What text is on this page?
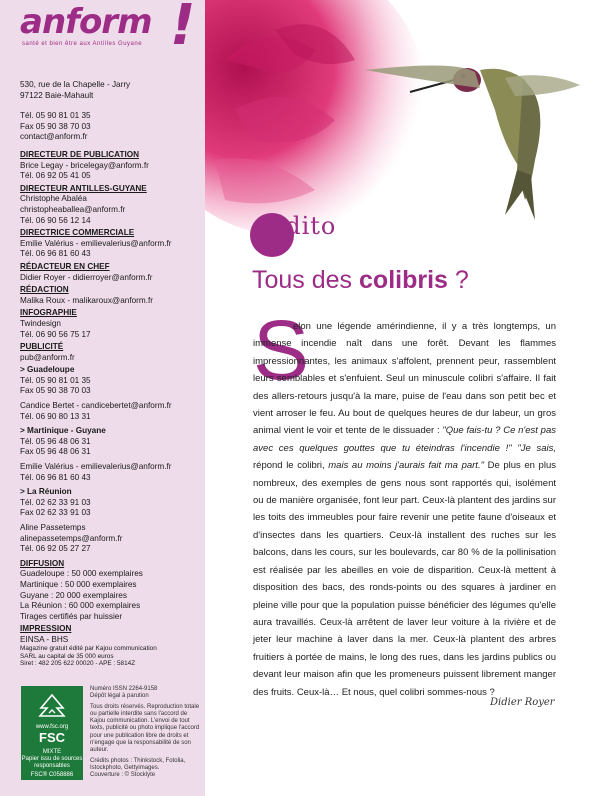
anform !
santé et bien être aux Antilles Guyane
530, rue de la Chapelle - Jarry
97122 Baie-Mahault
Tél. 05 90 81 01 35
Fax 05 90 38 70 03
contact@anform.fr
DIRECTEUR DE PUBLICATION
Brice Legay - bricelegay@anform.fr
Tél. 06 92 05 41 05
DIRECTEUR ANTILLES-GUYANE
Christophe Abaléa
christopheaballea@anform.fr
Tél. 06 90 56 12 14
DIRECTRICE COMMERCIALE
Emilie Valérius - emilievalerius@anform.fr
Tél. 06 96 81 60 43
RÉDACTEUR EN CHEF
Didier Royer - didierroyer@anform.fr
RÉDACTION
Malika Roux - malikaroux@anform.fr
INFOGRAPHIE
Twindesign
Tél. 06 90 56 75 17
PUBLICITÉ
pub@anform.fr
> Guadeloupe
Tél. 05 90 81 01 35
Fax 05 90 38 70 03
Candice Bertet - candicebertet@anform.fr
Tél. 06 90 80 13 31
> Martinique - Guyane
Tél. 05 96 48 06 31
Fax 05 96 48 06 31
Emilie Valérius - emilievalerius@anform.fr
Tél. 06 96 81 60 43
> La Réunion
Tél. 02 62 33 91 03
Fax 02 62 33 91 03
Aline Passetemps
alinepassetemps@anform.fr
Tél. 06 92 05 27 27
DIFFUSION
Guadeloupe : 50 000 exemplaires
Martinique : 50 000 exemplaires
Guyane : 20 000 exemplaires
La Réunion : 60 000 exemplaires
Tirages certifiés par huissier
IMPRESSION
EINSA - BHS
Magazine gratuit édité par Kajou communication
SARL au capital de 35 000 euros
Siret : 482 205 622 00020 - APE : 5814Z
www.fsc.org
FSC
MIXTE
Papier issu de sources responsables
FSC® C058886
Numéro ISSN 2264-9158
Dépôt légal à parution
Tous droits réservés. Reproduction totale ou partielle interdite sans l'accord de Kajou communication. L'envoi de tout texts, publicité ou photo implique l'accord pour une publication libre de droits et n'engage que la responsabilité de son auteur.
Crédits photos : Thinkstock, Fotolia, Istockphoto, Gettyimages.
Couverture : © Stocklyte
édito
Tous des colibris ?
S

elon une légende amérindienne, il y a très longtemps, un immense incendie naît dans une forêt. Devant les flammes impressionnantes, les animaux s'affolent, prennent peur, rassemblent leurs semblables et s'enfuient. Seul un minuscule colibri s'affaire. Il fait des allers-retours jusqu'à la mare, puise de l'eau dans son petit bec et vient arroser le feu. Au bout de quelques heures de dur labeur, un gros animal vient le voir et tente de le dissuader : "Que fais-tu ? Ce n'est pas avec ces quelques gouttes que tu éteindras l'incendie !" "Je sais, répond le colibri, mais au moins j'aurais fait ma part." De plus en plus nombreux, des exemples de gens nous sont rapportés qui, isolément ou de manière organisée, font leur part. Ceux-là plantent des jardins sur les toits des immeubles pour faire revenir une petite faune d'oiseaux et d'insectes dans les quartiers. Ceux-là installent des ruches sur les balcons, dans les cours, sur les boulevards, car 80 % de la pollinisation est réalisée par les abeilles en voie de disparition. Ceux-là mettent à disposition des bacs, des ronds-points ou des squares à jardiner en pleine ville pour que la population puisse bénéficier des légumes qu'elle aura travaillés. Ceux-là arrêtent de laver leur voiture à la rivière et de jeter leur machine à laver dans la mer. Ceux-là plantent des arbres fruitiers à portée de mains, le long des rues, dans les jardins publics ou devant leur maison afin que les promeneurs puissent librement manger des fruits. Ceux-là… Et nous, quel colibri sommes-nous ?

Didier Royer
